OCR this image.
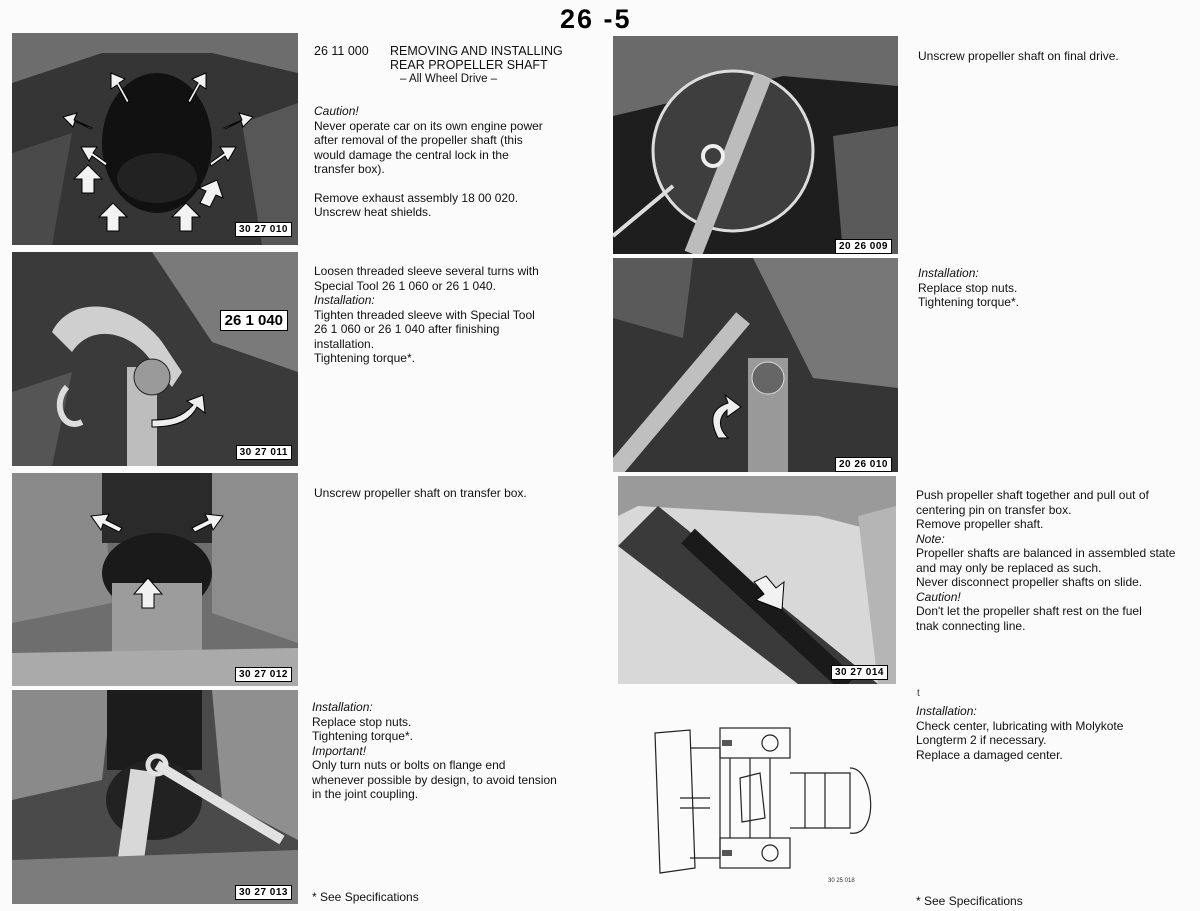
26 -5
30 27 010
26 1 040
30 27 011
30 27 012
30 27 013
20 26 009
20 26 010
30 27 014
30 25 018
26 11 000 REMOVING AND INSTALLING
REAR PROPELLER SHAFT
– All Wheel Drive –
Caution!
Never operate car on its own engine power
after removal of the propeller shaft (this
would damage the central lock in the
transfer box).
Remove exhaust assembly 18 00 020.
Unscrew heat shields.
Loosen threaded sleeve several turns with
Special Tool 26 1 060 or 26 1 040.
Installation:
Tighten threaded sleeve with Special Tool
26 1 060 or 26 1 040 after finishing
installation.
Tightening torque*.
Unscrew propeller shaft on transfer box.
Installation:
Replace stop nuts.
Tightening torque*.
Important!
Only turn nuts or bolts on flange end
whenever possible by design, to avoid tension
in the joint coupling.
* See Specifications
Unscrew propeller shaft on final drive.
Installation:
Replace stop nuts.
Tightening torque*.
Push propeller shaft together and pull out of
centering pin on transfer box.
Remove propeller shaft.
Note:
Propeller shafts are balanced in assembled state
and may only be replaced as such.
Never disconnect propeller shafts on slide.
Caution!
Don't let the propeller shaft rest on the fuel
tnak connecting line.
t
Installation:
Check center, lubricating with Molykote
Longterm 2 if necessary.
Replace a damaged center.
* See Specifications
